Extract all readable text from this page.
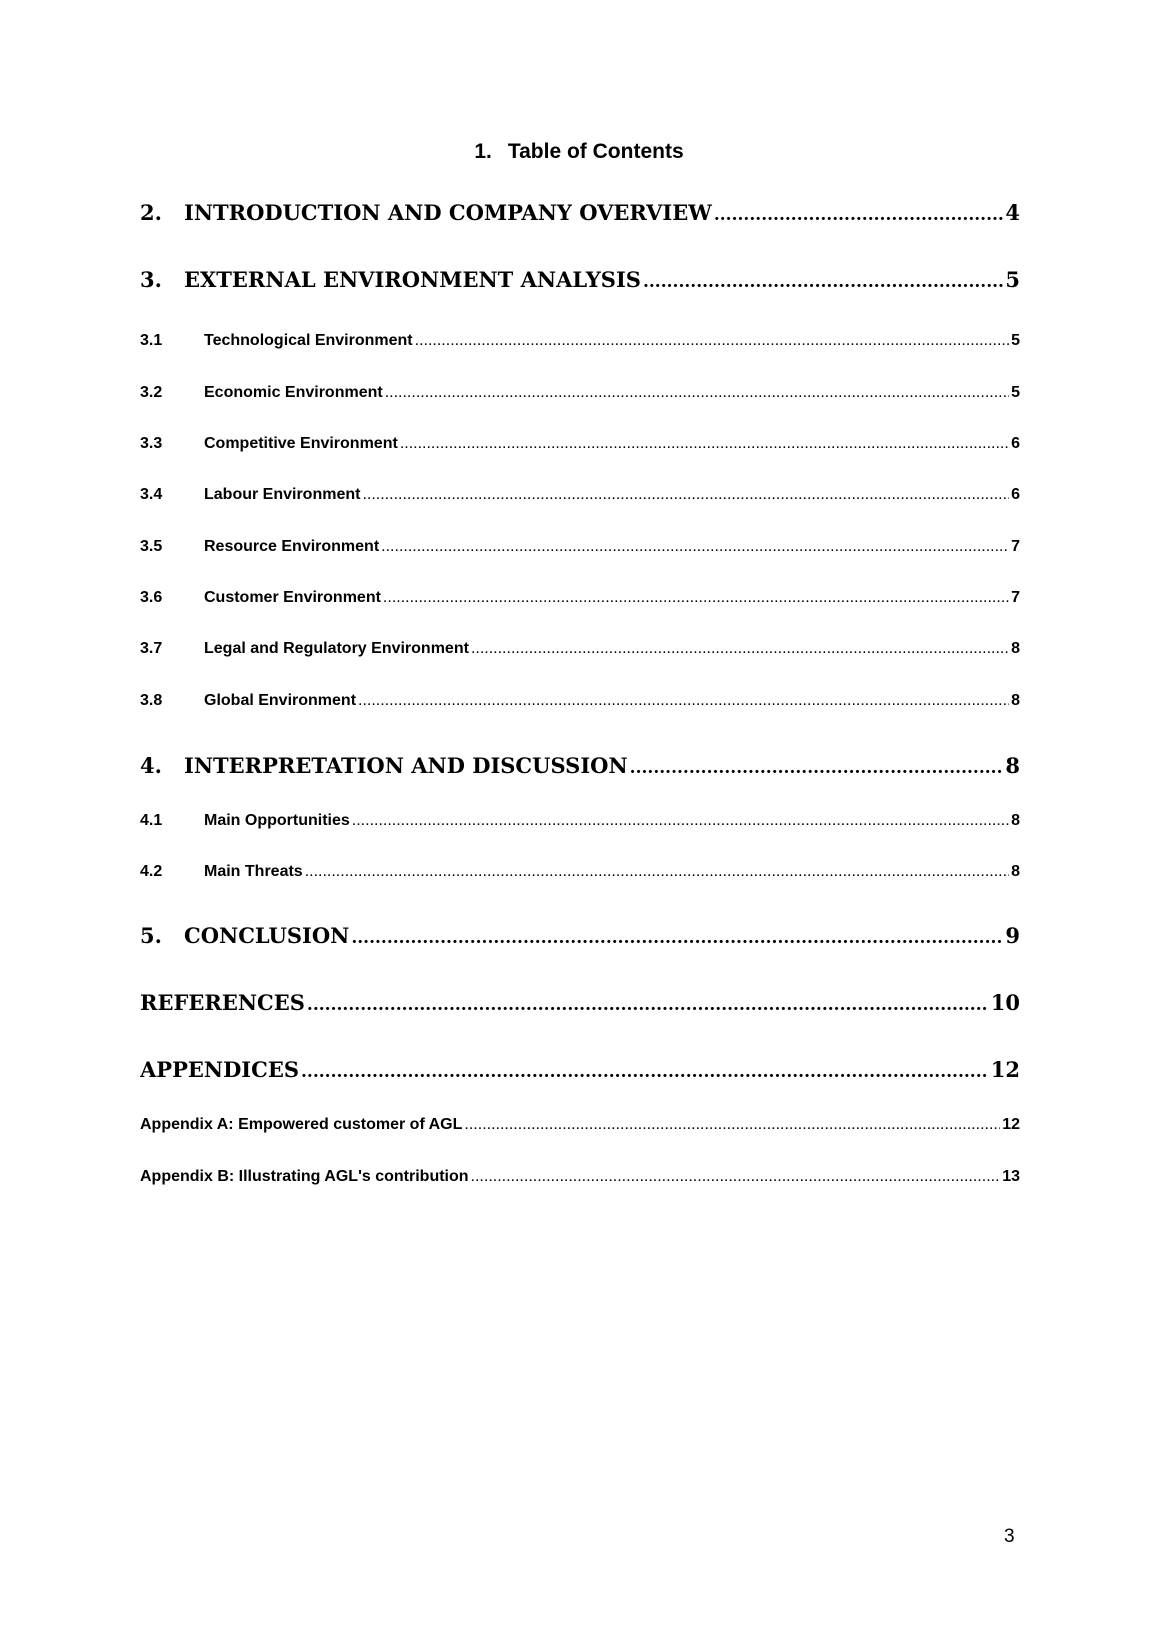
1. Table of Contents
2.	INTRODUCTION AND COMPANY OVERVIEW .....	4
3.	EXTERNAL ENVIRONMENT ANALYSIS .....	5
3.1	Technological Environment .....	5
3.2	Economic Environment .....	5
3.3	Competitive Environment .....	6
3.4	Labour Environment .....	6
3.5	Resource Environment .....	7
3.6	Customer Environment .....	7
3.7	Legal and Regulatory Environment .....	8
3.8	Global Environment .....	8
4.	INTERPRETATION AND DISCUSSION .....	8
4.1	Main Opportunities .....	8
4.2	Main Threats .....	8
5.	CONCLUSION .....	9
REFERENCES .....	10
APPENDICES .....	12
Appendix A: Empowered customer of AGL .....	12
Appendix B: Illustrating AGL's contribution .....	13
3
